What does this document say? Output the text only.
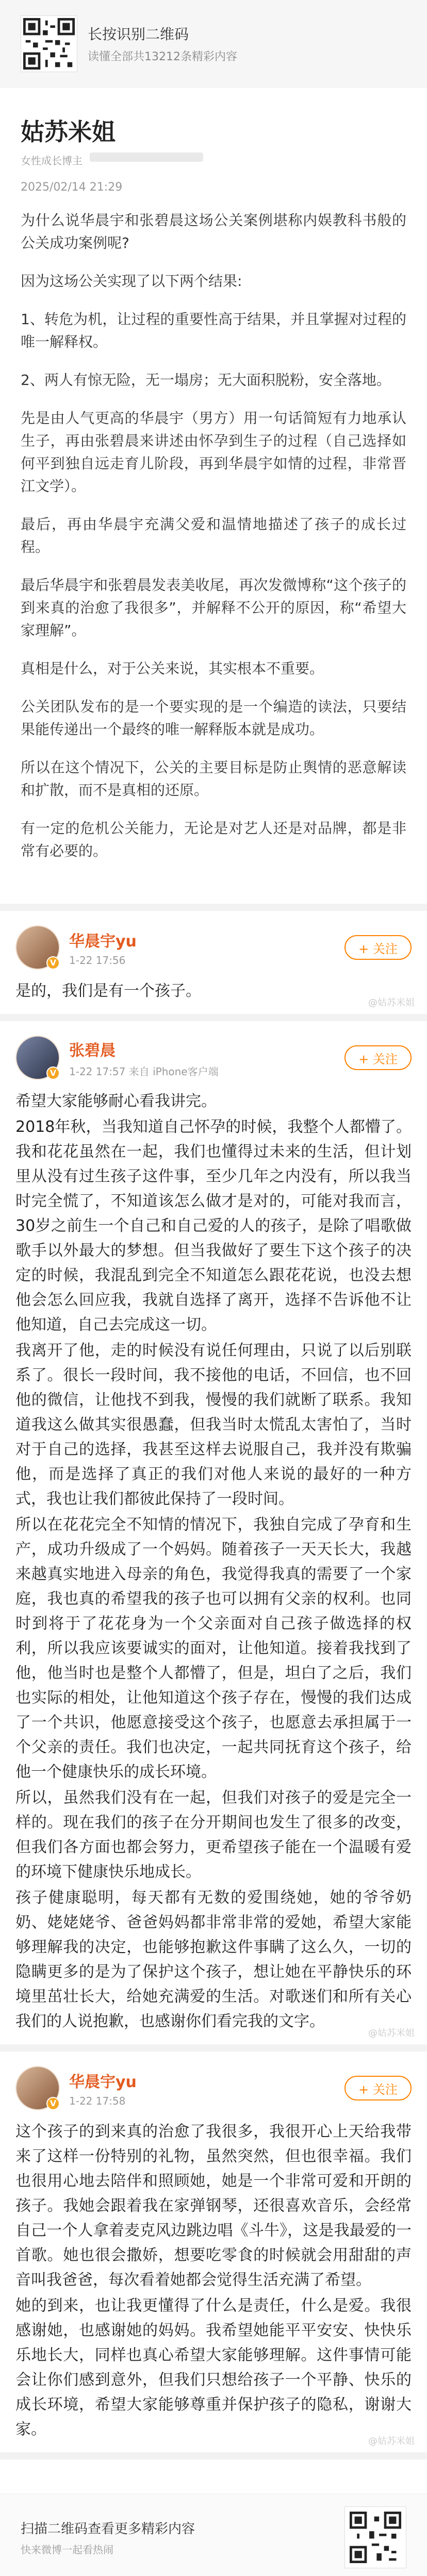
长按识别二维码
读懂全部共13212条精彩内容
姑苏米姐
女性成长博主
2025/02/14 21:29

为什么说华晨宇和张碧晨这场公关案例堪称内娱教科书般的公关成功案例呢?

因为这场公关实现了以下两个结果:

1、转危为机，让过程的重要性高于结果，并且掌握对过程的唯一解释权。

2、两人有惊无险，无一塌房；无大面积脱粉，安全落地。

先是由人气更高的华晨宇（男方）用一句话简短有力地承认生子，再由张碧晨来讲述由怀孕到生子的过程（自己选择如何平到独自远走育儿阶段，再到华晨宇如情的过程，非常晋江文学）。

最后，再由华晨宇充满父爱和温情地描述了孩子的成长过程。

最后华晨宇和张碧晨发表美收尾，再次发微博称“这个孩子的到来真的治愈了我很多”，并解释不公开的原因，称“希望大家理解”。

真相是什么，对于公关来说，其实根本不重要。

公关团队发布的是一个要实现的是一个编造的读法，只要结果能传递出一个最终的唯一解释版本就是成功。

所以在这个情况下，公关的主要目标是防止舆情的恶意解读和扩散，而不是真相的还原。

有一定的危机公关能力，无论是对艺人还是对品牌，都是非常有必要的。

V
华晨宇yu
1-22 17:56
+ 关注

是的，我们是有一个孩子。

@姑苏米姐
V
张碧晨
1-22 17:57 来自 iPhone客户端
+ 关注

希望大家能够耐心看我讲完。

2018年秋，当我知道自己怀孕的时候，我整个人都懵了。我和花花虽然在一起，我们也懂得过未来的生活，但计划里从没有过生孩子这件事，至少几年之内没有，所以我当时完全慌了，不知道该怎么做才是对的，可能对我而言，30岁之前生一个自己和自己爱的人的孩子，是除了唱歌做歌手以外最大的梦想。但当我做好了要生下这个孩子的决定的时候，我混乱到完全不知道怎么跟花花说，也没去想他会怎么回应我，我就自选择了离开，选择不告诉他不让他知道，自己去完成这一切。

我离开了他，走的时候没有说任何理由，只说了以后别联系了。很长一段时间，我不接他的电话，不回信，也不回他的微信，让他找不到我，慢慢的我们就断了联系。我知道我这么做其实很愚蠢，但我当时太慌乱太害怕了，当时对于自己的选择，我甚至这样去说服自己，我并没有欺骗他，而是选择了真正的我们对他人来说的最好的一种方式，我也让我们都彼此保持了一段时间。

所以在花花完全不知情的情况下，我独自完成了孕育和生产，成功升级成了一个妈妈。随着孩子一天天长大，我越来越真实地进入母亲的角色，我觉得我真的需要了一个家庭，我也真的希望我的孩子也可以拥有父亲的权利。也同时到将于了花花身为一个父亲面对自己孩子做选择的权利，所以我应该要诚实的面对，让他知道。接着我找到了他，他当时也是整个人都懵了，但是，坦白了之后，我们也实际的相处，让他知道这个孩子存在，慢慢的我们达成了一个共识，他愿意接受这个孩子，也愿意去承担属于一个父亲的责任。我们也决定，一起共同抚育这个孩子，给他一个健康快乐的成长环境。

所以，虽然我们没有在一起，但我们对孩子的爱是完全一样的。现在我们的孩子在分开期间也发生了很多的改变，但我们各方面也都会努力，更希望孩子能在一个温暖有爱的环境下健康快乐地成长。

孩子健康聪明，每天都有无数的爱围绕她，她的爷爷奶奶、姥姥姥爷、爸爸妈妈都非常非常的爱她，希望大家能够理解我的决定，也能够抱歉这件事瞒了这么久，一切的隐瞒更多的是为了保护这个孩子，想让她在平静快乐的环境里茁壮长大，给她充满爱的生活。对歌迷们和所有关心我们的人说抱歉，也感谢你们看完我的文字。

@姑苏米姐
V
华晨宇yu
1-22 17:58
+ 关注

这个孩子的到来真的治愈了我很多，我很开心上天给我带来了这样一份特别的礼物，虽然突然，但也很幸福。我们也很用心地去陪伴和照顾她，她是一个非常可爱和开朗的孩子。我她会跟着我在家弹钢琴，还很喜欢音乐，会经常自己一个人拿着麦克风边跳边唱《斗牛》，这是我最爱的一首歌。她也很会撒娇，想要吃零食的时候就会用甜甜的声音叫我爸爸，每次看着她都会觉得生活充满了希望。

她的到来，也让我更懂得了什么是责任，什么是爱。我很感谢她，也感谢她的妈妈。我希望她能平平安安、快快乐乐地长大，同样也真心希望大家能够理解。这件事情可能会让你们感到意外，但我们只想给孩子一个平静、快乐的成长环境，希望大家能够尊重并保护孩子的隐私，谢谢大家。

@姑苏米姐
扫描二维码查看更多精彩内容
快来微博一起看热闹
